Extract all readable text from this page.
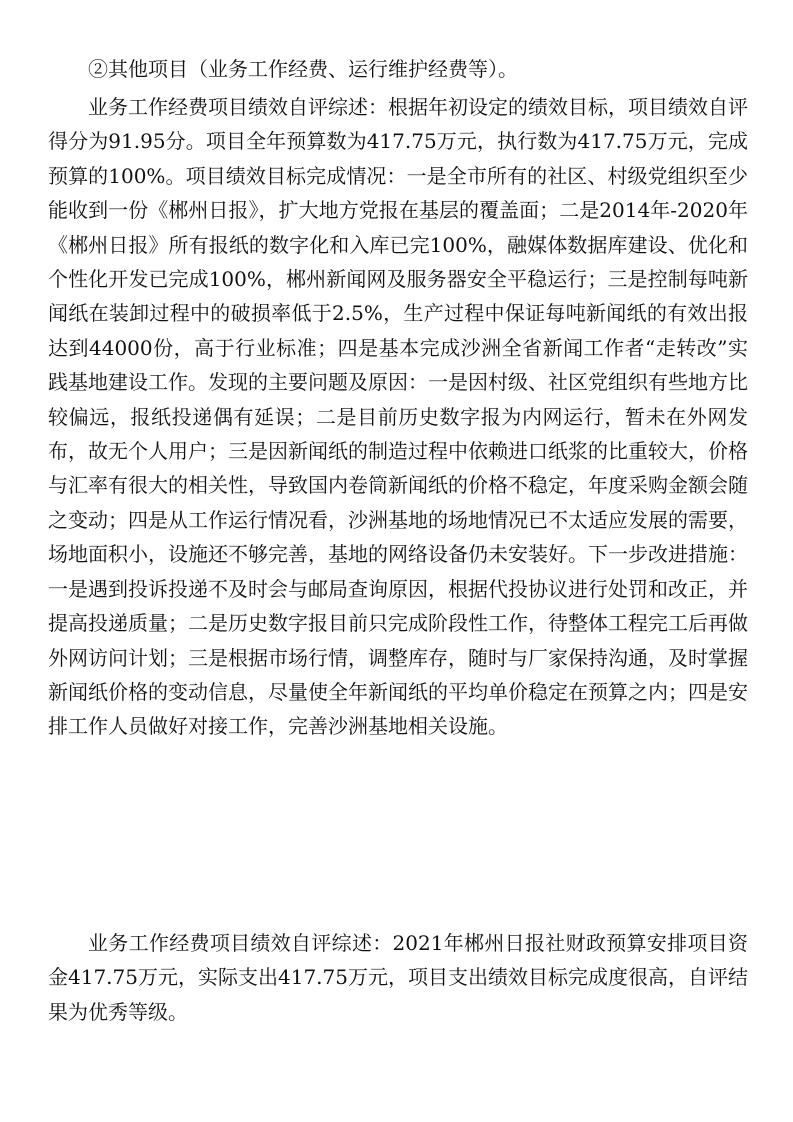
②其他项目（业务工作经费、运行维护经费等）。

业务工作经费项目绩效自评综述：根据年初设定的绩效目标，项目绩效自评得分为91.95分。项目全年预算数为417.75万元，执行数为417.75万元，完成预算的100%。项目绩效目标完成情况：一是全市所有的社区、村级党组织至少能收到一份《郴州日报》，扩大地方党报在基层的覆盖面；二是2014年-2020年《郴州日报》所有报纸的数字化和入库已完100%，融媒体数据库建设、优化和个性化开发已完成100%，郴州新闻网及服务器安全平稳运行；三是控制每吨新闻纸在装卸过程中的破损率低于2.5%，生产过程中保证每吨新闻纸的有效出报达到44000份，高于行业标准；四是基本完成沙洲全省新闻工作者“走转改”实践基地建设工作。发现的主要问题及原因：一是因村级、社区党组织有些地方比较偏远，报纸投递偶有延误；二是目前历史数字报为内网运行，暂未在外网发布，故无个人用户；三是因新闻纸的制造过程中依赖进口纸浆的比重较大，价格与汇率有很大的相关性，导致国内卷筒新闻纸的价格不稳定，年度采购金额会随之变动；四是从工作运行情况看，沙洲基地的场地情况已不太适应发展的需要，场地面积小，设施还不够完善，基地的网络设备仍未安装好。下一步改进措施：一是遇到投诉投递不及时会与邮局查询原因，根据代投协议进行处罚和改正，并提高投递质量；二是历史数字报目前只完成阶段性工作，待整体工程完工后再做外网访问计划；三是根据市场行情，调整库存，随时与厂家保持沟通，及时掌握新闻纸价格的变动信息，尽量使全年新闻纸的平均单价稳定在预算之内；四是安排工作人员做好对接工作，完善沙洲基地相关设施。

业务工作经费项目绩效自评综述：2021年郴州日报社财政预算安排项目资金417.75万元，实际支出417.75万元，项目支出绩效目标完成度很高，自评结果为优秀等级。
